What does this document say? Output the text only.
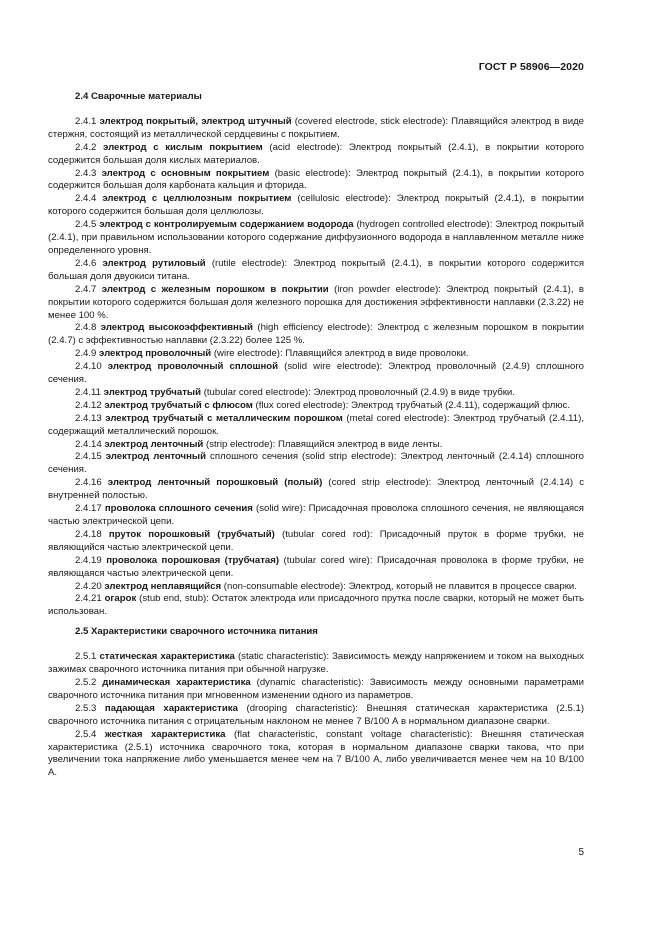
ГОСТ Р 58906—2020

2.4 Сварочные материалы

2.4.1 электрод покрытый, электрод штучный (covered electrode, stick electrode): Плавящийся электрод в виде стержня, состоящий из металлической сердцевины с покрытием.

2.4.2 электрод с кислым покрытием (acid electrode): Электрод покрытый (2.4.1), в покрытии которого содержится большая доля кислых материалов.

2.4.3 электрод с основным покрытием (basic electrode): Электрод покрытый (2.4.1), в покрытии которого содержится большая доля карбоната кальция и фторида.

2.4.4 электрод с целлюлозным покрытием (cellulosic electrode): Электрод покрытый (2.4.1), в покрытии которого содержится большая доля целлюлозы.

2.4.5 электрод с контролируемым содержанием водорода (hydrogen controlled electrode): Электрод покрытый (2.4.1), при правильном использовании которого содержание диффузионного водорода в наплавленном металле ниже определенного уровня.

2.4.6 электрод рутиловый (rutile electrode): Электрод покрытый (2.4.1), в покрытии которого содержится большая доля двуокиси титана.

2.4.7 электрод с железным порошком в покрытии (iron powder electrode): Электрод покрытый (2.4.1), в покрытии которого содержится большая доля железного порошка для достижения эффективности наплавки (2.3.22) не менее 100 %.

2.4.8 электрод высокоэффективный (high efficiency electrode): Электрод с железным порошком в покрытии (2.4.7) с эффективностью наплавки (2.3.22) более 125 %.

2.4.9 электрод проволочный (wire electrode): Плавящийся электрод в виде проволоки.

2.4.10 электрод проволочный сплошной (solid wire electrode): Электрод проволочный (2.4.9) сплошного сечения.

2.4.11 электрод трубчатый (tubular cored electrode): Электрод проволочный (2.4.9) в виде трубки.

2.4.12 электрод трубчатый с флюсом (flux cored electrode): Электрод трубчатый (2.4.11), содержащий флюс.

2.4.13 электрод трубчатый с металлическим порошком (metal cored electrode): Электрод трубчатый (2.4.11), содержащий металлический порошок.

2.4.14 электрод ленточный (strip electrode): Плавящийся электрод в виде ленты.

2.4.15 электрод ленточный сплошного сечения (solid strip electrode): Электрод ленточный (2.4.14) сплошного сечения.

2.4.16 электрод ленточный порошковый (полый) (cored strip electrode): Электрод ленточный (2.4.14) с внутренней полостью.

2.4.17 проволока сплошного сечения (solid wire): Присадочная проволока сплошного сечения, не являющаяся частью электрической цепи.

2.4.18 пруток порошковый (трубчатый) (tubular cored rod): Присадочный пруток в форме трубки, не являющийся частью электрической цепи.

2.4.19 проволока порошковая (трубчатая) (tubular cored wire): Присадочная проволока в форме трубки, не являющаяся частью электрической цепи.

2.4.20 электрод неплавящийся (non-consumable electrode): Электрод, который не плавится в процессе сварки.

2.4.21 огарок (stub end, stub): Остаток электрода или присадочного прутка после сварки, который не может быть использован.

2.5 Характеристики сварочного источника питания

2.5.1 статическая характеристика (static characteristic): Зависимость между напряжением и током на выходных зажимах сварочного источника питания при обычной нагрузке.

2.5.2 динамическая характеристика (dynamic characteristic): Зависимость между основными параметрами сварочного источника питания при мгновенном изменении одного из параметров.

2.5.3 падающая характеристика (drooping characteristic): Внешняя статическая характеристика (2.5.1) сварочного источника питания с отрицательным наклоном не менее 7 В/100 А в нормальном диапазоне сварки.

2.5.4 жесткая характеристика (flat characteristic, constant voltage characteristic): Внешняя статическая характеристика (2.5.1) источника сварочного тока, которая в нормальном диапазоне сварки такова, что при увеличении тока напряжение либо уменьшается менее чем на 7 В/100 А, либо увеличивается менее чем на 10 В/100 А.

5
